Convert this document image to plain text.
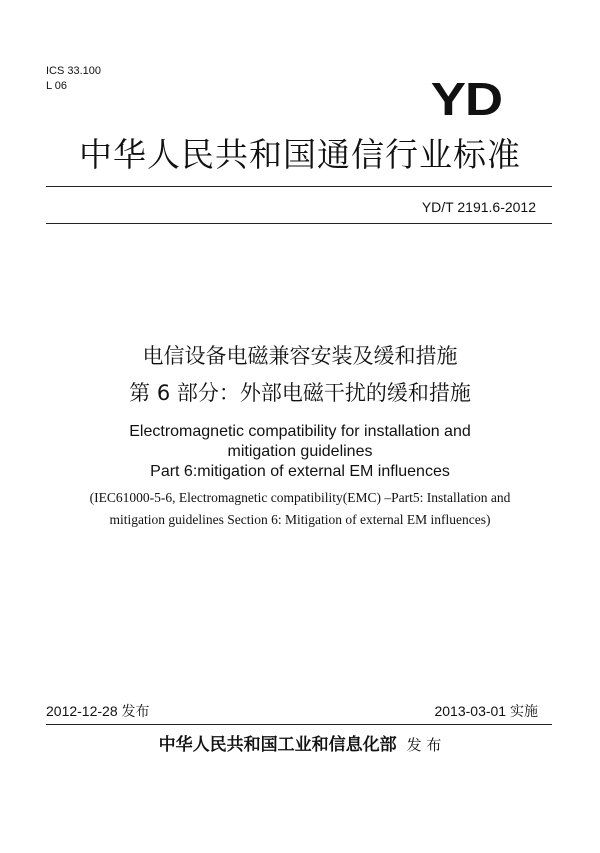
ICS 33.100
L 06	YD
中华人民共和国通信行业标准
YD/T 2191.6-2012
电信设备电磁兼容安装及缓和措施
第 6 部分：外部电磁干扰的缓和措施
Electromagnetic compatibility for installation and
mitigation guidelines
Part 6:mitigation of external EM influences
(IEC61000-5-6, Electromagnetic compatibility(EMC) –Part5: Installation and
mitigation guidelines Section 6: Mitigation of external EM influences)
2012-12-28 发布	2013-03-01 实施
中华人民共和国工业和信息化部 发 布
